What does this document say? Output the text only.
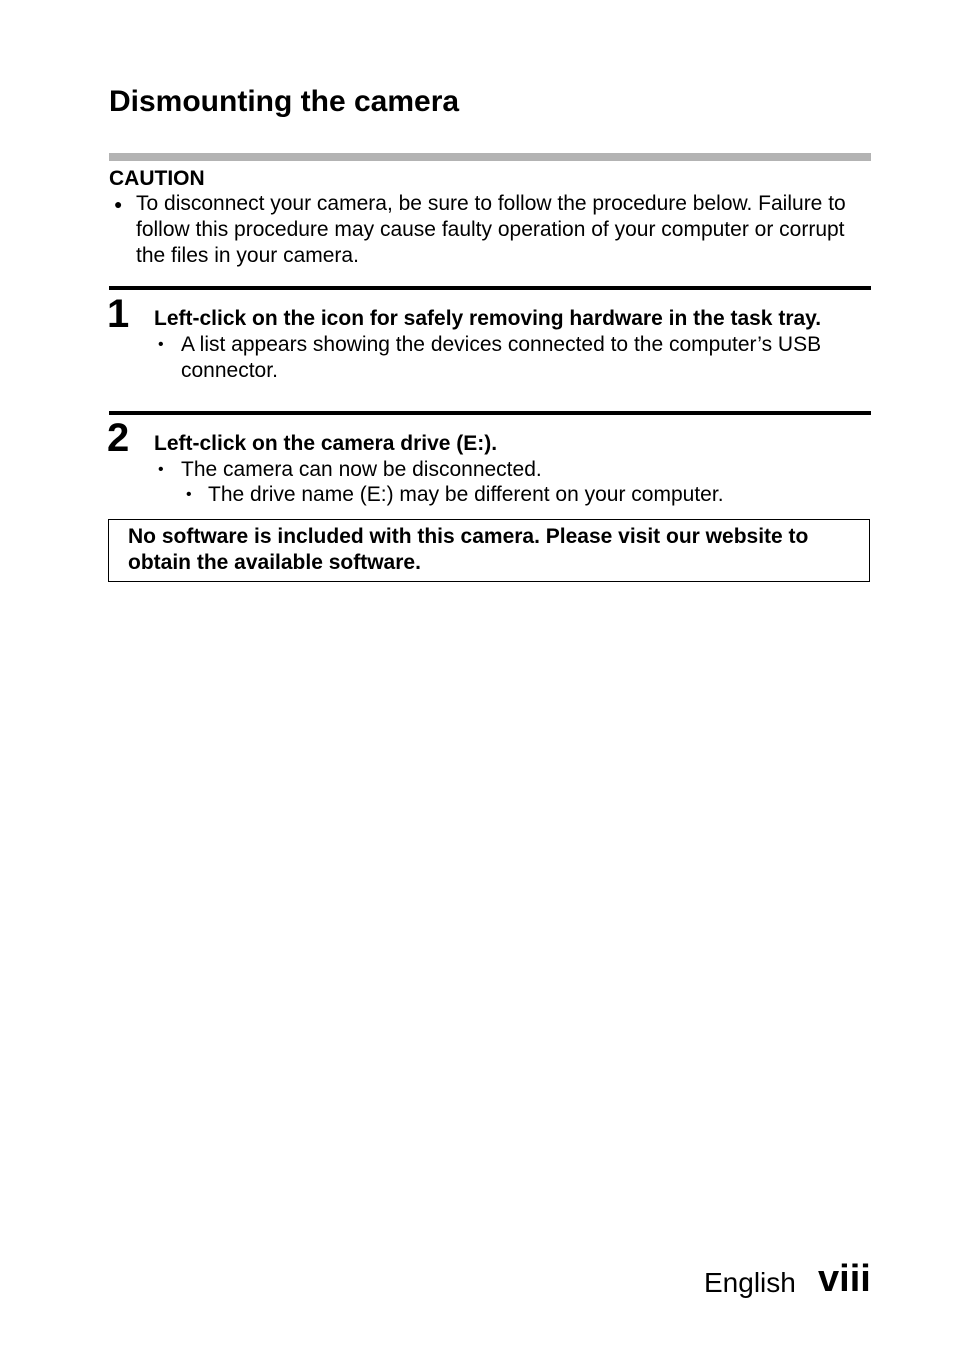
Dismounting the camera
CAUTION
● To disconnect your camera, be sure to follow the procedure below. Failure to follow this procedure may cause faulty operation of your computer or corrupt the files in your camera.
1 Left-click on the icon for safely removing hardware in the task tray.
• A list appears showing the devices connected to the computer’s USB connector.
2 Left-click on the camera drive (E:).
• The camera can now be disconnected.
• The drive name (E:) may be different on your computer.
No software is included with this camera. Please visit our website to obtain the available software.
English viii
